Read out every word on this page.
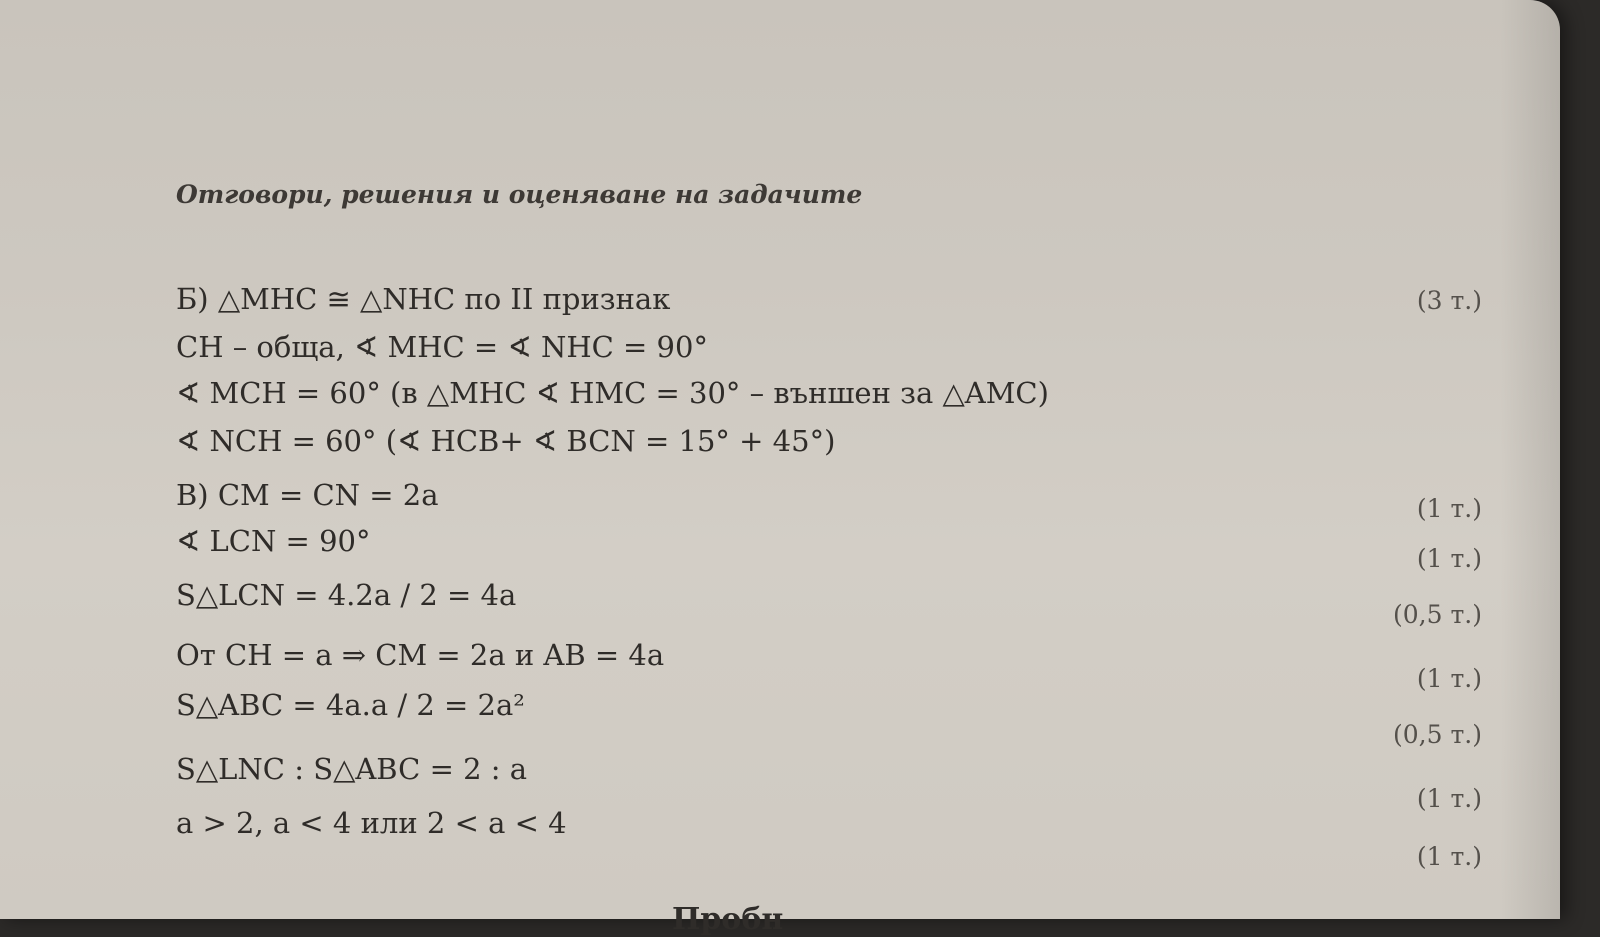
Отговори, решения и оценяване на задачите
Б) △MHC ≅ △NHC по II признак
CH – обща, ∢ MHC = ∢ NHC = 90°
∢ MCH = 60° (в △MHC ∢ HMC = 30° – външен за △AMC)
∢ NCH = 60° (∢ HCB+ ∢ BCN = 15° + 45°)
В) CM = CN = 2a
∢ LCN = 90°
S△LCN = 4.2a / 2 = 4a
От CH = a ⇒ CM = 2a и AB = 4a
S△ABC = 4a.a / 2 = 2a²
S△LNC : S△ABC = 2 : a
a > 2, a < 4 или 2 < a < 4
(3 т.)
(1 т.)
(1 т.)
(0,5 т.)
(1 т.)
(0,5 т.)
(1 т.)
(1 т.)
Пробн
